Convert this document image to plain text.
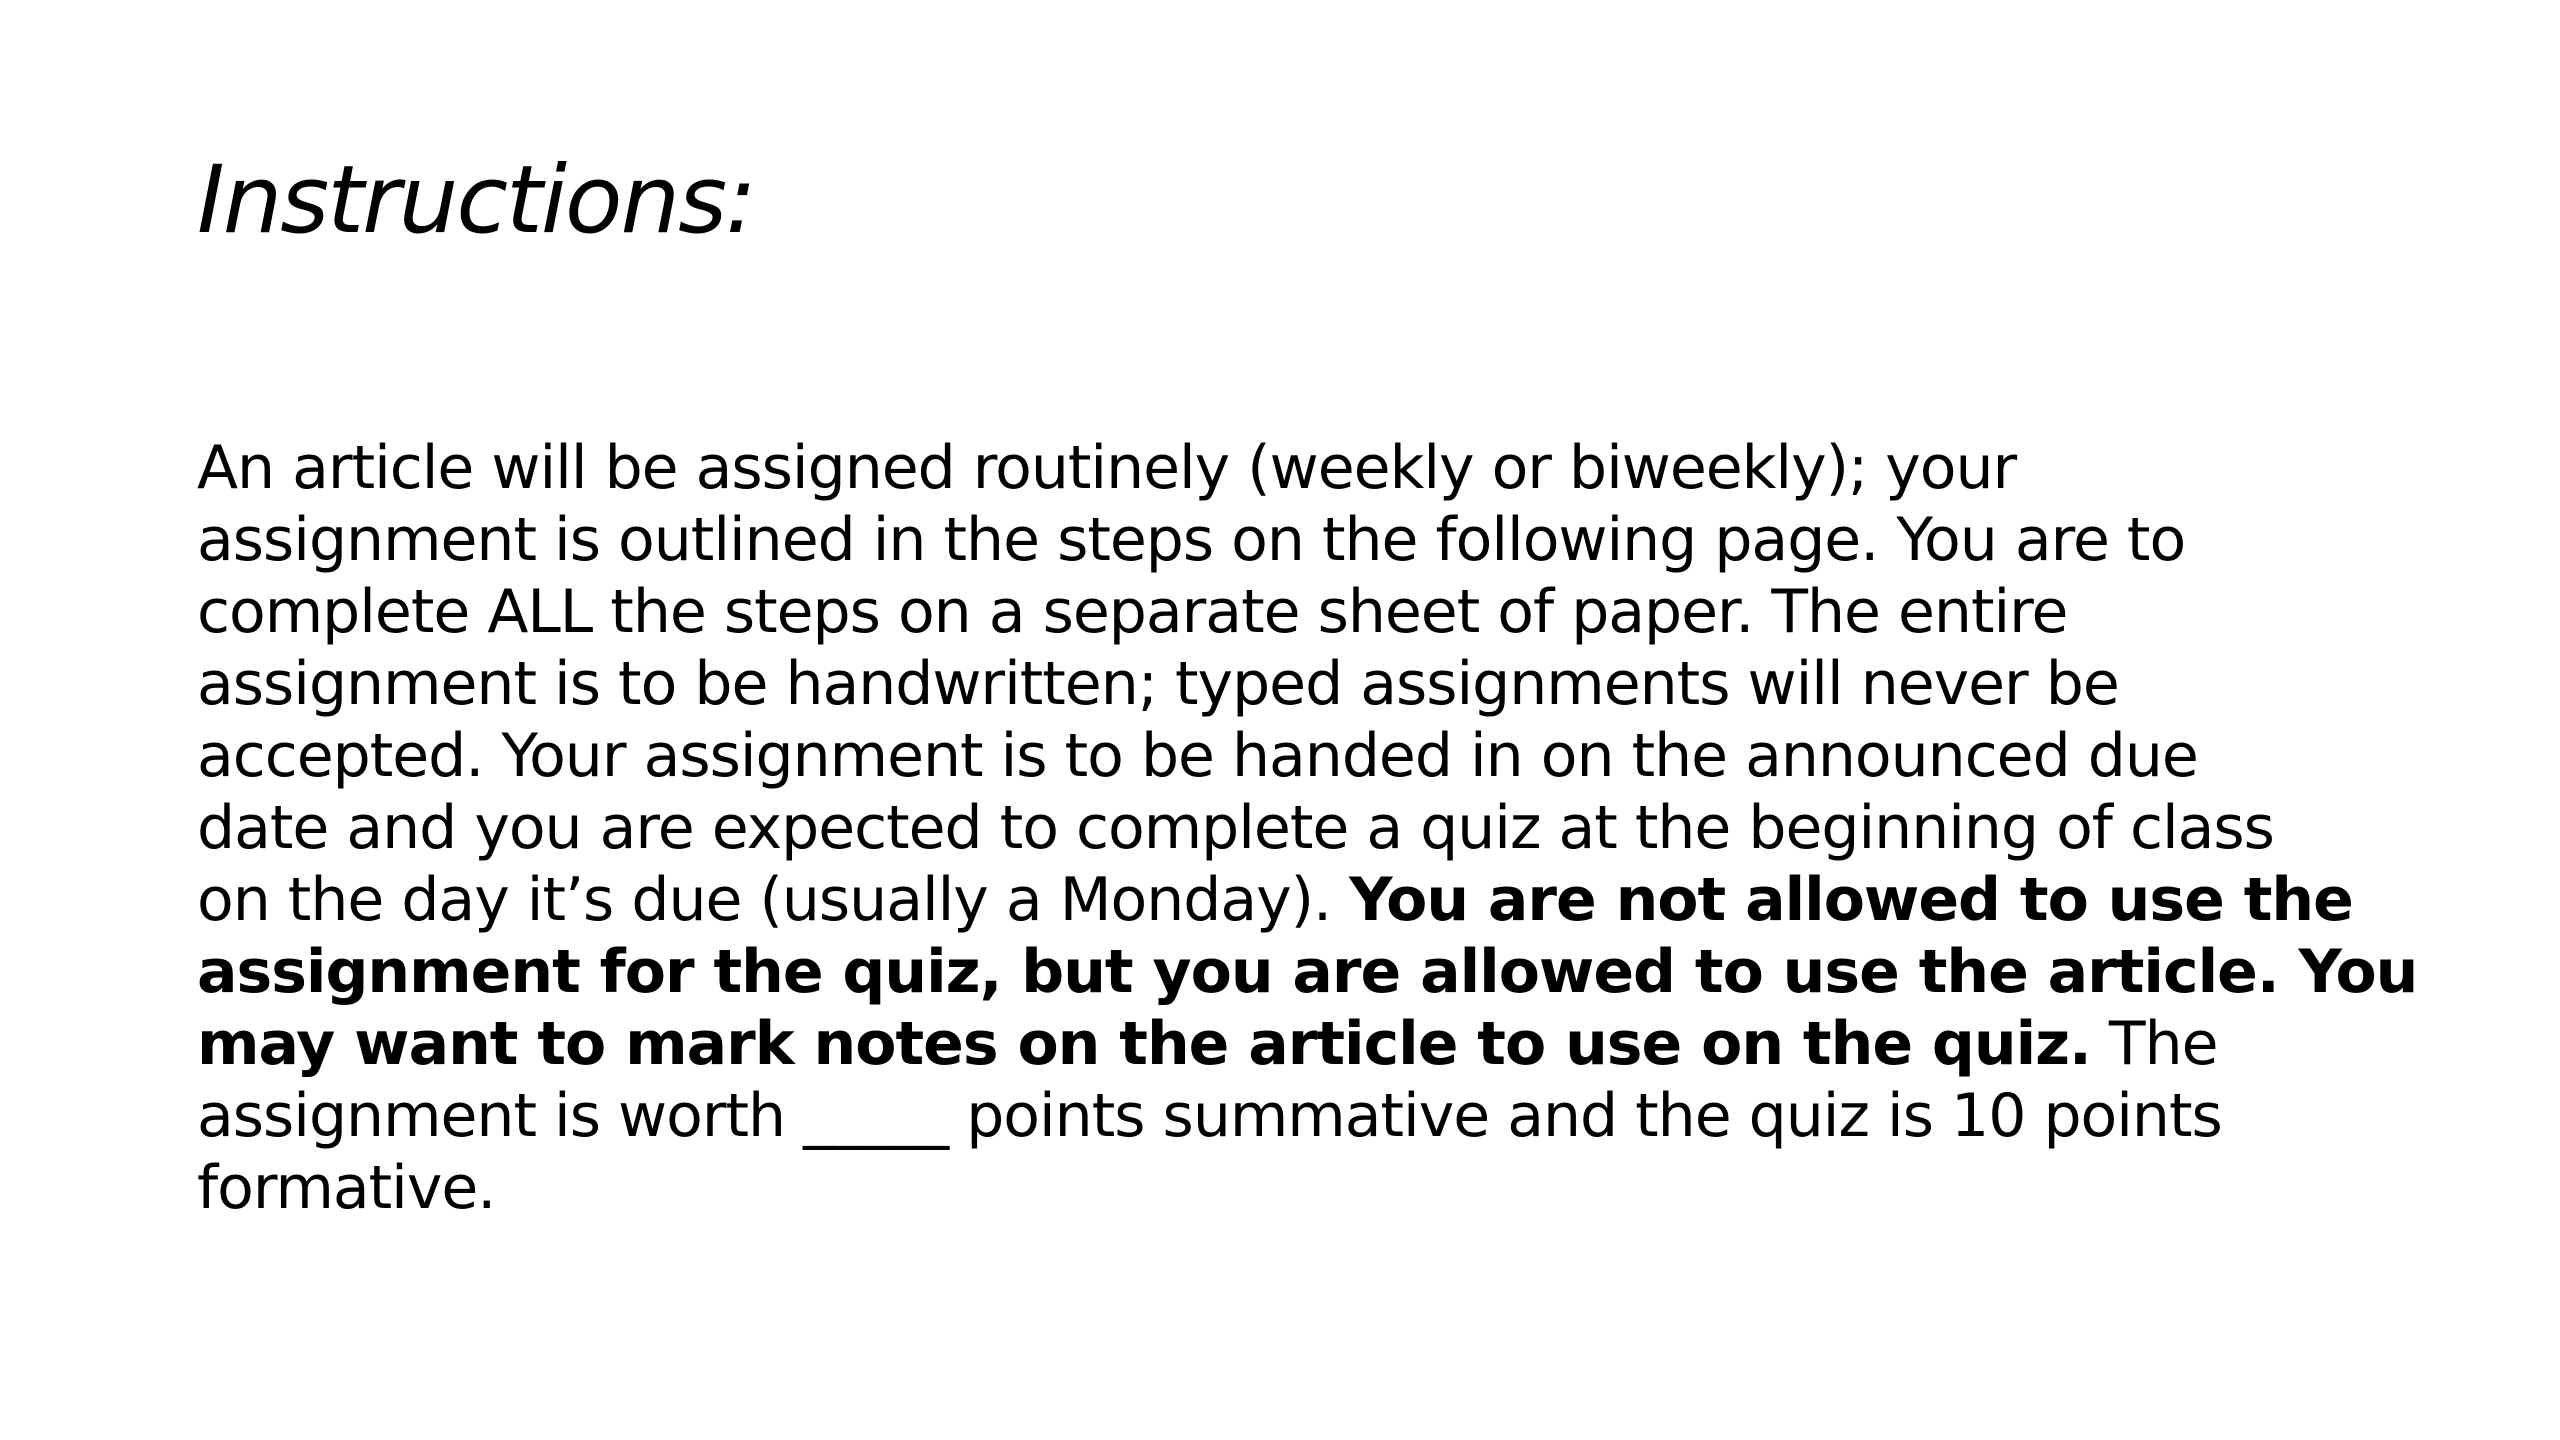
Instructions:
An article will be assigned routinely (weekly or biweekly); your
assignment is outlined in the steps on the following page. You are to
complete ALL the steps on a separate sheet of paper. The entire
assignment is to be handwritten; typed assignments will never be
accepted. Your assignment is to be handed in on the announced due
date and you are expected to complete a quiz at the beginning of class
on the day it’s due (usually a Monday). You are not allowed to use the
assignment for the quiz, but you are allowed to use the article. You
may want to mark notes on the article to use on the quiz. The
assignment is worth _____ points summative and the quiz is 10 points
formative.
